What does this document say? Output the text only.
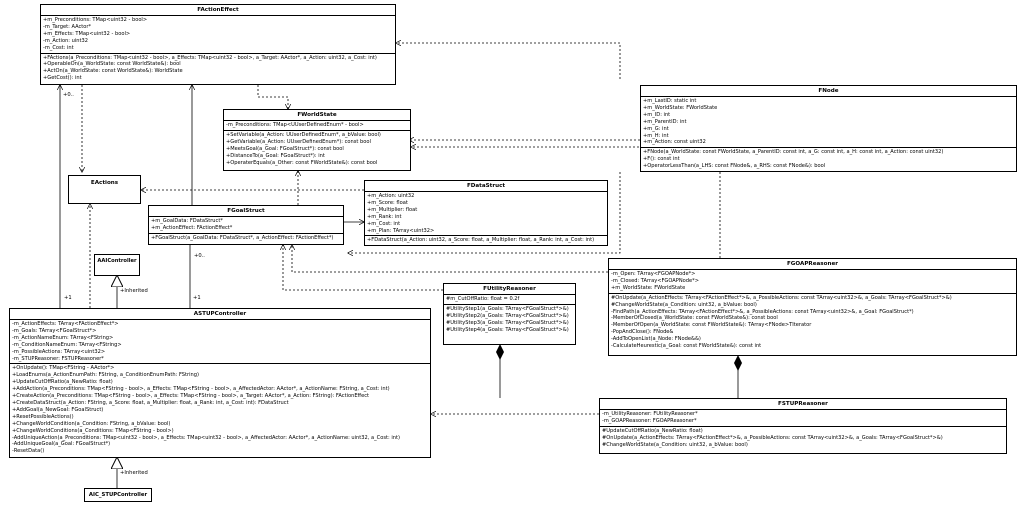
FActionEffect
+m_Preconditions: TMap<uint32 - bool>
-m_Target: AActor*
+m_Effects: TMap<uint32 - bool>
-m_Action: uint32
-m_Cost: int
+FActions(a_Preconditions: TMap<uint32 - bool>, a_Effects: TMap<uint32 - bool>, a_Target: AActor*, a_Action: uint32, a_Cost: int)
+OperableOn(a_WorldState: const WorldState&): bool
+ActOn(a_WorldState: const WorldState&): WorldState
+GetCost(): int
FWorldState
-m_Preconditions: TMap<UUserDefinedEnum* - bool>
+SetVariable(a_Action: UUserDefinedEnum*, a_bValue: bool)
+GetVariable(a_Action: UUserDefinedEnum*): const bool
+MeetsGoal(a_Goal: FGoalStruct*): const bool
+DistanceTo(a_Goal: FGoalStruct*): int
+OperaterEquals(a_Other: const FWorldState&): const bool
FNode
+m_LastID: static int
+m_WorldState: FWorldState
+m_ID: int
+m_ParentID: int
+m_G: int
+m_H: int
+m_Action: const uint32
+FNode(a_WorldState: const FWorldState, a_ParentID: const int, a_G: const int, a_H: const int, a_Action: const uint32)
+F(): const int
+OperatorLessThan(a_LHS: const FNode&, a_RHS: const FNode&): bool
EActions	FDataStruct
+m_Action: uint32
+m_Score: float
+m_Multiplier: float
+m_Rank: int
+m_Cost: int
+m_Plan: TArray<uint32>
+FDataStruct(a_Action: uint32, a_Score: float, a_Multiplier: float, a_Rank: int, a_Cost: int)
FGoalStruct
+m_GoalData: FDataStruct*
+m_ActionEffect: FActionEffect*
+FGoalStruct(a_GoalData: FDataStruct*, a_ActionEffect: FActionEffect*)
AAIController	FGOAPReasoner
-m_Open: TArray<FGOAPNode*>
-m_Closed: TArray<FGOAPNode*>
+m_WorldState: FWorldState
#OnUpdate(a_ActionEffects: TArray<FActionEffect*>&, a_PossibleActions: const TArray<uint32>&, a_Goals: TArray<FGoalStruct*>&)
#ChangeWorldState(a_Condition: uint32, a_bValue: bool)
-FindPath(a_ActionEffects: TArray<FActionEffect*>&, a_PossibleActions: const TArray<uint32>&, a_Goal: FGoalStruct*)
-MemberOfClosed(a_WorldState: const FWorldState&): const bool
-MemberOfOpen(a_WorldState: const FWorldState&): TArray<FNode>TIterator
-PopAndClose(): FNode&
-AddToOpenList(a_Node: FNode&&)
-CalculateHeurestic(a_Goal: const FWorldState&): const int
FUtilityReasoner
#m_CutOffRatio: float = 0.2f
#UtilityStep1(a_Goals: TArray<FGoalStruct*>&)
#UtilityStep2(a_Goals: TArray<FGoalStruct*>&)
#UtilityStep3(a_Goals: TArray<FGoalStruct*>&)
#UtilityStep4(a_Goals: TArray<FGoalStruct*>&)
ASTUPController
-m_ActionEffects: TArray<FActionEffect*>
-m_Goals: TArray<FGoalStruct*>
-m_ActionNameEnum: TArray<FString>
-m_ConditionNameEnum: TArray<FString>
-m_PossibleActions: TArray<uint32>
-m_STUPReasoner: FSTUPReasoner*
+OnUpdate(): TMap<FString - AActor*>
+LoadEnums(a_ActionEnumPath: FString, a_ConditionEnumPath: FString)
+UpdateCutOffRatio(a_NewRatio: float)
+AddAction(a_Preconditions: TMap<FString - bool>, a_Effects: TMap<FString - bool>, a_AffectedActor: AActor*, a_ActionName: FString, a_Cost: int)
+CreateAction(a_Preconditions: TMap<FString - bool>, a_Effects: TMap<FString - bool>, a_Target: AActor*, a_Action: FString): FActionEffect
+CreateDataStruct(a_Action: FString, a_Score: float, a_Multiplier: float, a_Rank: int, a_Cost: int): FDataStruct
+AddGoal(a_NewGoal: FGoalStruct)
+ResetPossibleActions()
+ChangeWorldCondition(a_Condition: FString, a_bValue: bool)
+ChangeWorldConditions(a_Conditions: TMap<FString - bool>)
-AddUniqueAction(a_Preconditions: TMap<uint32 - bool>, a_Effects: TMap<uint32 - bool>, a_AffectedActor: AActor*, a_ActionName: uint32, a_Cost: int)
-AddUniqueGoal(a_Goal: FGoalStruct*)
-ResetData()
FSTUPReasoner
-m_UtilityReasoner: FUtilityReasoner*
-m_GOAPReasoner: FGOAPReasoner*
#UpdateCutOffRatio(a_NewRatio: float)
#OnUpdate(a_ActionEffects: TArray<FActionEffect*>&, a_PossibleActions: const TArray<uint32>&, a_Goals: TArray<FGoalStruct*>&)
#ChangeWorldState(a_Condition: uint32, a_bValue: bool)
AIC_STUPController
+0..
+0..
+1	+1
+Inherited
+Inherited
